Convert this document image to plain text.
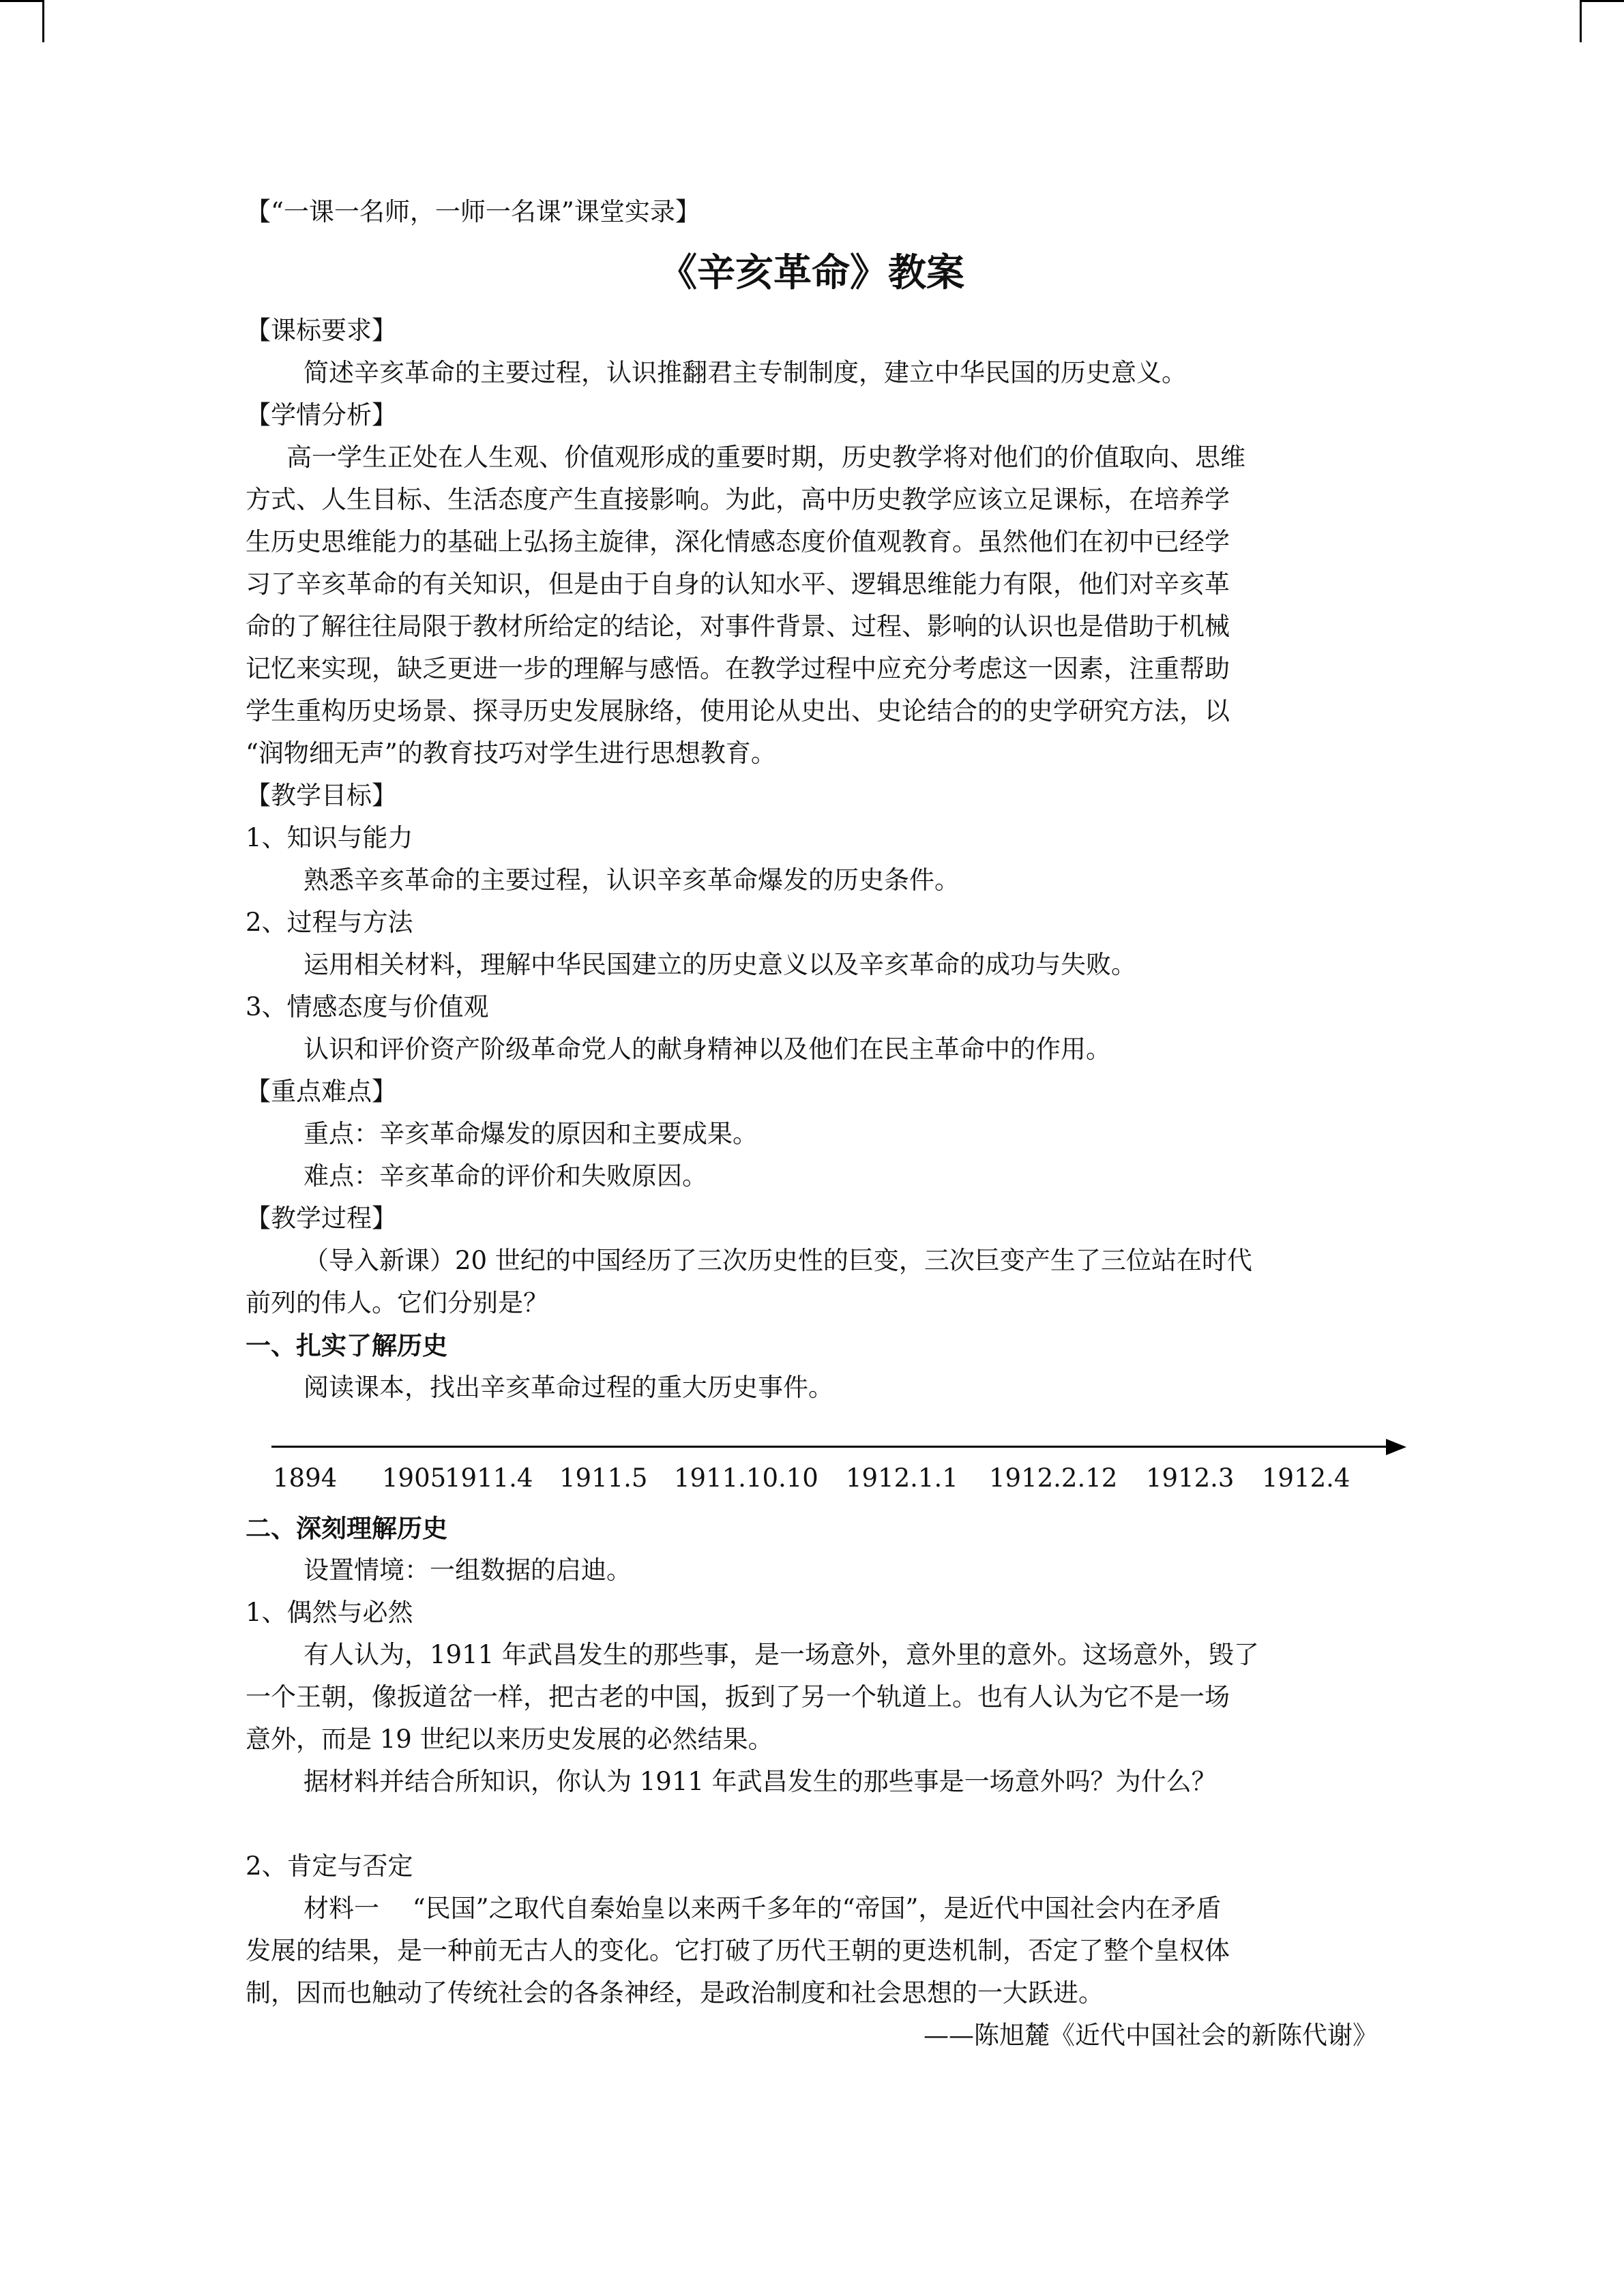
【“一课一名师，一师一名课”课堂实录】
《辛亥革命》教案
【课标要求】
简述辛亥革命的主要过程，认识推翻君主专制制度，建立中华民国的历史意义。
【学情分析】
高一学生正处在人生观、价值观形成的重要时期，历史教学将对他们的价值取向、思维
方式、人生目标、生活态度产生直接影响。为此，高中历史教学应该立足课标，在培养学
生历史思维能力的基础上弘扬主旋律，深化情感态度价值观教育。虽然他们在初中已经学
习了辛亥革命的有关知识，但是由于自身的认知水平、逻辑思维能力有限，他们对辛亥革
命的了解往往局限于教材所给定的结论，对事件背景、过程、影响的认识也是借助于机械
记忆来实现，缺乏更进一步的理解与感悟。在教学过程中应充分考虑这一因素，注重帮助
学生重构历史场景、探寻历史发展脉络，使用论从史出、史论结合的的史学研究方法，以
“润物细无声”的教育技巧对学生进行思想教育。
【教学目标】
1、知识与能力
熟悉辛亥革命的主要过程，认识辛亥革命爆发的历史条件。
2、过程与方法
运用相关材料，理解中华民国建立的历史意义以及辛亥革命的成功与失败。
3、情感态度与价值观
认识和评价资产阶级革命党人的献身精神以及他们在民主革命中的作用。
【重点难点】
重点：辛亥革命爆发的原因和主要成果。
难点：辛亥革命的评价和失败原因。
【教学过程】
（导入新课）20 世纪的中国经历了三次历史性的巨变，三次巨变产生了三位站在时代
前列的伟人。它们分别是？
一、扎实了解历史
阅读课本，找出辛亥革命过程的重大历史事件。
1894 1905
1911.4 1911.5 1911.10.10 1912.1.1 1912.2.12 1912.3 1912.4
二、深刻理解历史
设置情境：一组数据的启迪。
1、偶然与必然
有人认为，1911 年武昌发生的那些事，是一场意外，意外里的意外。这场意外，毁了
一个王朝，像扳道岔一样，把古老的中国，扳到了另一个轨道上。也有人认为它不是一场
意外，而是 19 世纪以来历史发展的必然结果。
据材料并结合所知识，你认为 1911 年武昌发生的那些事是一场意外吗？为什么？
2、肯定与否定
材料一　 “民国”之取代自秦始皇以来两千多年的“帝国”，是近代中国社会内在矛盾
发展的结果，是一种前无古人的变化。它打破了历代王朝的更迭机制，否定了整个皇权体
制，因而也触动了传统社会的各条神经，是政治制度和社会思想的一大跃进。
——陈旭麓《近代中国社会的新陈代谢》
